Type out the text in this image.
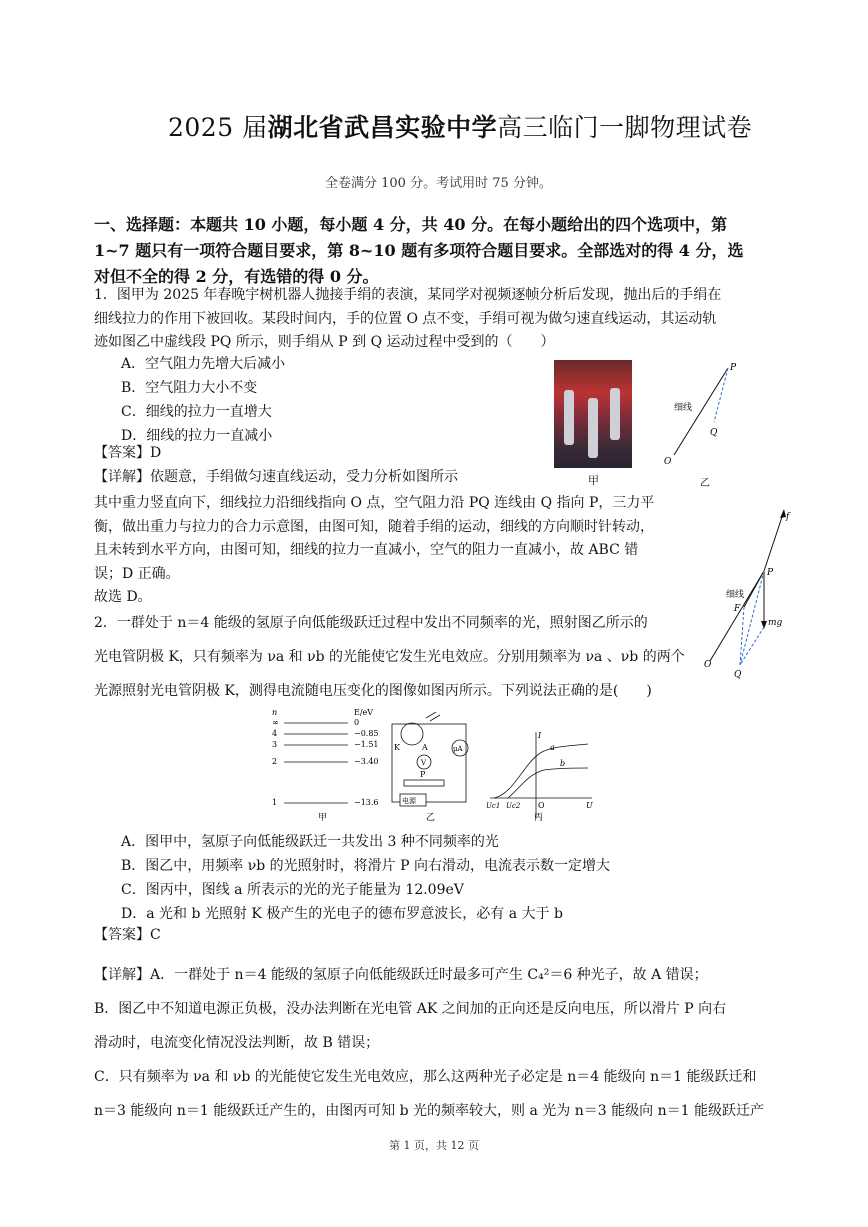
2025 届湖北省武昌实验中学高三临门一脚物理试卷
全卷满分 100 分。考试用时 75 分钟。
一、选择题：本题共 10 小题，每小题 4 分，共 40 分。在每小题给出的四个选项中，第
1~7 题只有一项符合题目要求，第 8~10 题有多项符合题目要求。全部选对的得 4 分，选
对但不全的得 2 分，有选错的得 0 分。
1．图甲为 2025 年春晚宇树机器人抛接手绢的表演，某同学对视频逐帧分析后发现，抛出后的手绢在
细线拉力的作用下被回收。某段时间内，手的位置 O 点不变，手绢可视为做匀速直线运动，其运动轨
迹如图乙中虚线段 PQ 所示，则手绢从 P 到 Q 运动过程中受到的（　　）
A．空气阻力先增大后减小
B．空气阻力大小不变
C．细线的拉力一直增大
D．细线的拉力一直减小
【答案】D
【详解】依题意，手绢做匀速直线运动，受力分析如图所示
其中重力竖直向下，细线拉力沿细线指向 O 点，空气阻力沿 PQ 连线由 Q 指向 P，三力平
衡，做出重力与拉力的合力示意图，由图可知，随着手绢的运动，细线的方向顺时针转动，
且未转到水平方向，由图可知，细线的拉力一直减小，空气的阻力一直减小，故 ABC 错
误；D 正确。
故选 D。
甲
P
Q
O
细线
乙
f
P
细线
F
mg
O
Q
2．一群处于 n＝4 能级的氢原子向低能级跃迁过程中发出不同频率的光，照射图乙所示的
光电管阴极 K，只有频率为 νa 和 νb 的光能使它发生光电效应。分别用频率为 νa 、νb 的两个
光源照射光电管阴极 K，测得电流随电压变化的图像如图丙所示。下列说法正确的是(　　)
n	E/eV
∞	0
4	−0.85
3	−1.51
2	−3.40
1	−13.6
甲
K	A	μA
V
P
电源
乙
I
U
O
Uc1 Uc2
a
b
丙
A．图甲中，氢原子向低能级跃迁一共发出 3 种不同频率的光
B．图乙中，用频率 νb 的光照射时，将滑片 P 向右滑动，电流表示数一定增大
C．图丙中，图线 a 所表示的光的光子能量为 12.09eV
D．a 光和 b 光照射 K 极产生的光电子的德布罗意波长，必有 a 大于 b
【答案】C
【详解】A．一群处于 n＝4 能级的氢原子向低能级跃迁时最多可产生 C₄²＝6 种光子，故 A 错误；
B．图乙中不知道电源正负极，没办法判断在光电管 AK 之间加的正向还是反向电压，所以滑片 P 向右
滑动时，电流变化情况没法判断，故 B 错误；
C．只有频率为 νa 和 νb 的光能使它发生光电效应，那么这两种光子必定是 n＝4 能级向 n＝1 能级跃迁和
n＝3 能级向 n＝1 能级跃迁产生的，由图丙可知 b 光的频率较大，则 a 光为 n＝3 能级向 n＝1 能级跃迁产
第 1 页，共 12 页
